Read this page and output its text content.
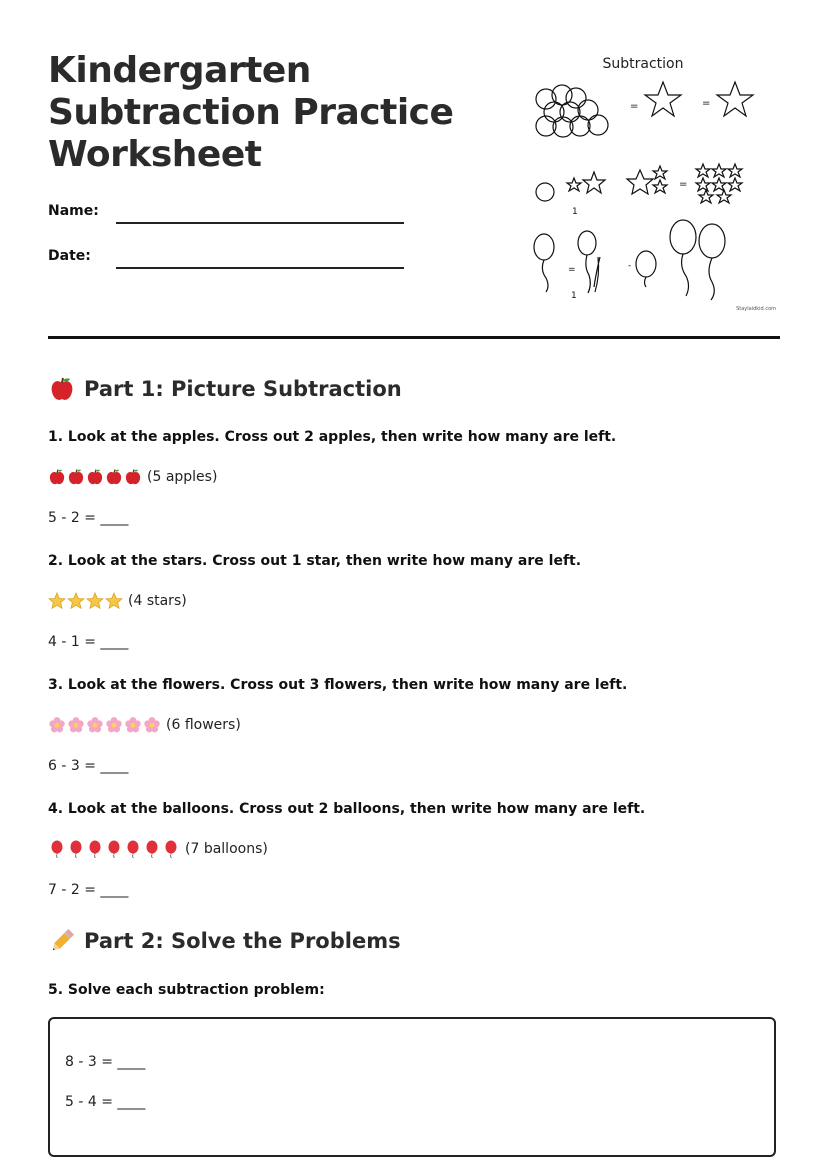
Kindergarten Subtraction Practice Worksheet
Name:
Date:
Subtraction
=	=
=
1
=	-
1
Staylaidkid.com
Part 1: Picture Subtraction
1. Look at the apples. Cross out 2 apples, then write how many are left.
(5 apples)
5 - 2 = ____
2. Look at the stars. Cross out 1 star, then write how many are left.
(4 stars)
4 - 1 = ____
3. Look at the flowers. Cross out 3 flowers, then write how many are left.
(6 flowers)
6 - 3 = ____
4. Look at the balloons. Cross out 2 balloons, then write how many are left.
(7 balloons)
7 - 2 = ____
Part 2: Solve the Problems
5. Solve each subtraction problem:
8 - 3 = ____
5 - 4 = ____
